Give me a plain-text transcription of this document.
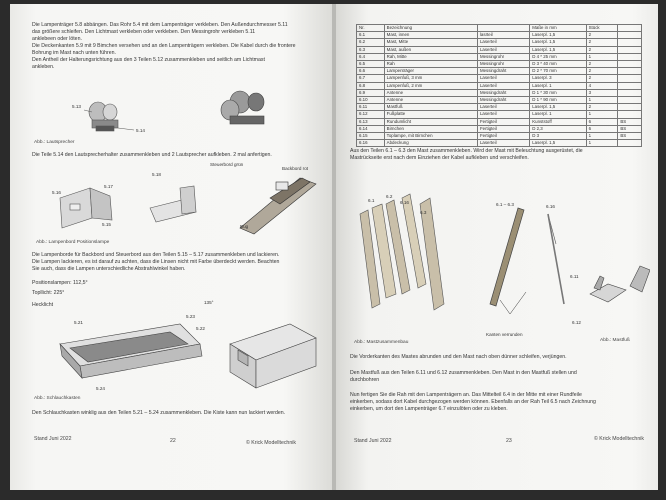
Die Lampenträger 5.8 abbängen. Das Rohr 5.4 mit dem Lampenträger verkleben. Den Außendurchmesser 5.11
das größere schleifen. Den Lichtmast verkleben oder verkleben. Den Messingrohr verkleben 5.11
anklebeen oder löten.
Die Deckenkanten 5.9 mit 9 Bimchen versehen und an den Lampenträgern verkleben. Die Kabel durch die frontere
Bohrung im Mast nach unten führen.
Den Antheil der Halterungsrichtung aus den 3 Teilen 5.12 zusammenkleben und seitlich am Lichtmast
ankleben.

5.13
5.14
Abb.: Lautsprecher

Die Teile 5.14 den Lautsprecherhalter zusammenkleben und 2 Lautsprecher aufkleben. 2 mal anfertigen.

5.16
5.17
5.18
5.15
Steuerbord grün
Backbord rot
Bug
Abb.: Lampenbord Positionslampe

Die Lampenborde für Backbord und Steuerbord aus den Teilen 5.15 – 5.17 zusammenkleben und lackieren.
Die Lampen lackieren, es ist darauf zu achten, dass die Linsen nicht mit Farbe überdeckt werden. Beachten
Sie auch, dass die Lampen unterschiedliche Abstrahlwinkel haben.

Positionslampen: 112,5°
Topllicht: 225°
Hecklicht	135°
5.21
5.23
5.22
5.24
Abb.: Schlauchkasten

Den Schlauchkasten winklig aus den Teilen 5.21 – 5.24 zusammenkleben. Die Kiste kann nun lackiert werden.

Stand Juni 2022	22	© Krick Modelltechnik
Nr.	Bezeichnung		Maße in mm	Stück	
6.1	Mast, innen	lasrteil	Laserpl. 1,5	2	
6.2	Mast, Mitte	Laserteil	Laserpl. 1,5	2	
6.3	Mast, außen	Laserteil	Laserpl. 1,5	2	
6.4	Rah, Mitte	Messingrohr	D 4 * 25 mm	1	
6.5	Rah	Messingrohr	D 3 * 40 mm	2	
6.6	Lampenträger	Messingdraht	D 2 * 70 mm	2	
6.7	Lampenfuß, 3 mm	Laserteil	Laserpl. 3	2	
6.8	Lampenfuß, 2 mm	Laserteil	Laserpl. 1	4	
6.9	Antenne	Messingdraht	D 1 * 30 mm	3	
6.10	Antenne	Messingdraht	D 1 * 90 mm	1	
6.11	Mastfuß	Laserteil	Laserpl. 1,5	2	
6.12	Fußplatte	Laserteil	Laserpl. 1	1	
6.13	Rundumlicht	Fertigteil	Kunststoff	6	BS
6.14	Birnchen	Fertigteil	D 2,3	6	BS
6.15	Toplampe, mit Birnchen	Fertigteil	D 3	1	BS
6.16	Abdeckung	Laserteil	Laserpl. 1,5	1	

Aus den Teilen 6.1 – 6.3 den Mast zusammenkleben. Wird der Mast mit Beleuchtung ausgerüstet, die
Mastrückseite erst nach dem Einziehen der Kabel aufkleben und verschleifen.

6.1
6.2
6.16
6.3
6.1 – 6.3	6.16
6.11
6.12
Kanten verrunden
Abb.: Mastzusammenbau	Abb.: Mastfuß

Die Vorderkanten des Mastes abrunden und den Mast nach oben dünner schleifen, verjüngen.

Den Mastfuß aus den Teilen 6.11 und 6.12 zusammenkleben. Den Mast in den Mastfuß stellen und
durchbohren

Nun fertigen Sie die Rah mit den Lampenträgern an. Das Mittelteil 6.4 in der Mitte mit einer Rundfeile
einkerben, sodass dort Kabel durchgezogen werden können. Ebenfalls an der Rah Teil 6.5 nach Zeichnung
einkerben, um dort den Lampenträger 6.7 einzulöten oder zu kleben.

Stand Juni 2022	23	© Krick Modelltechnik
